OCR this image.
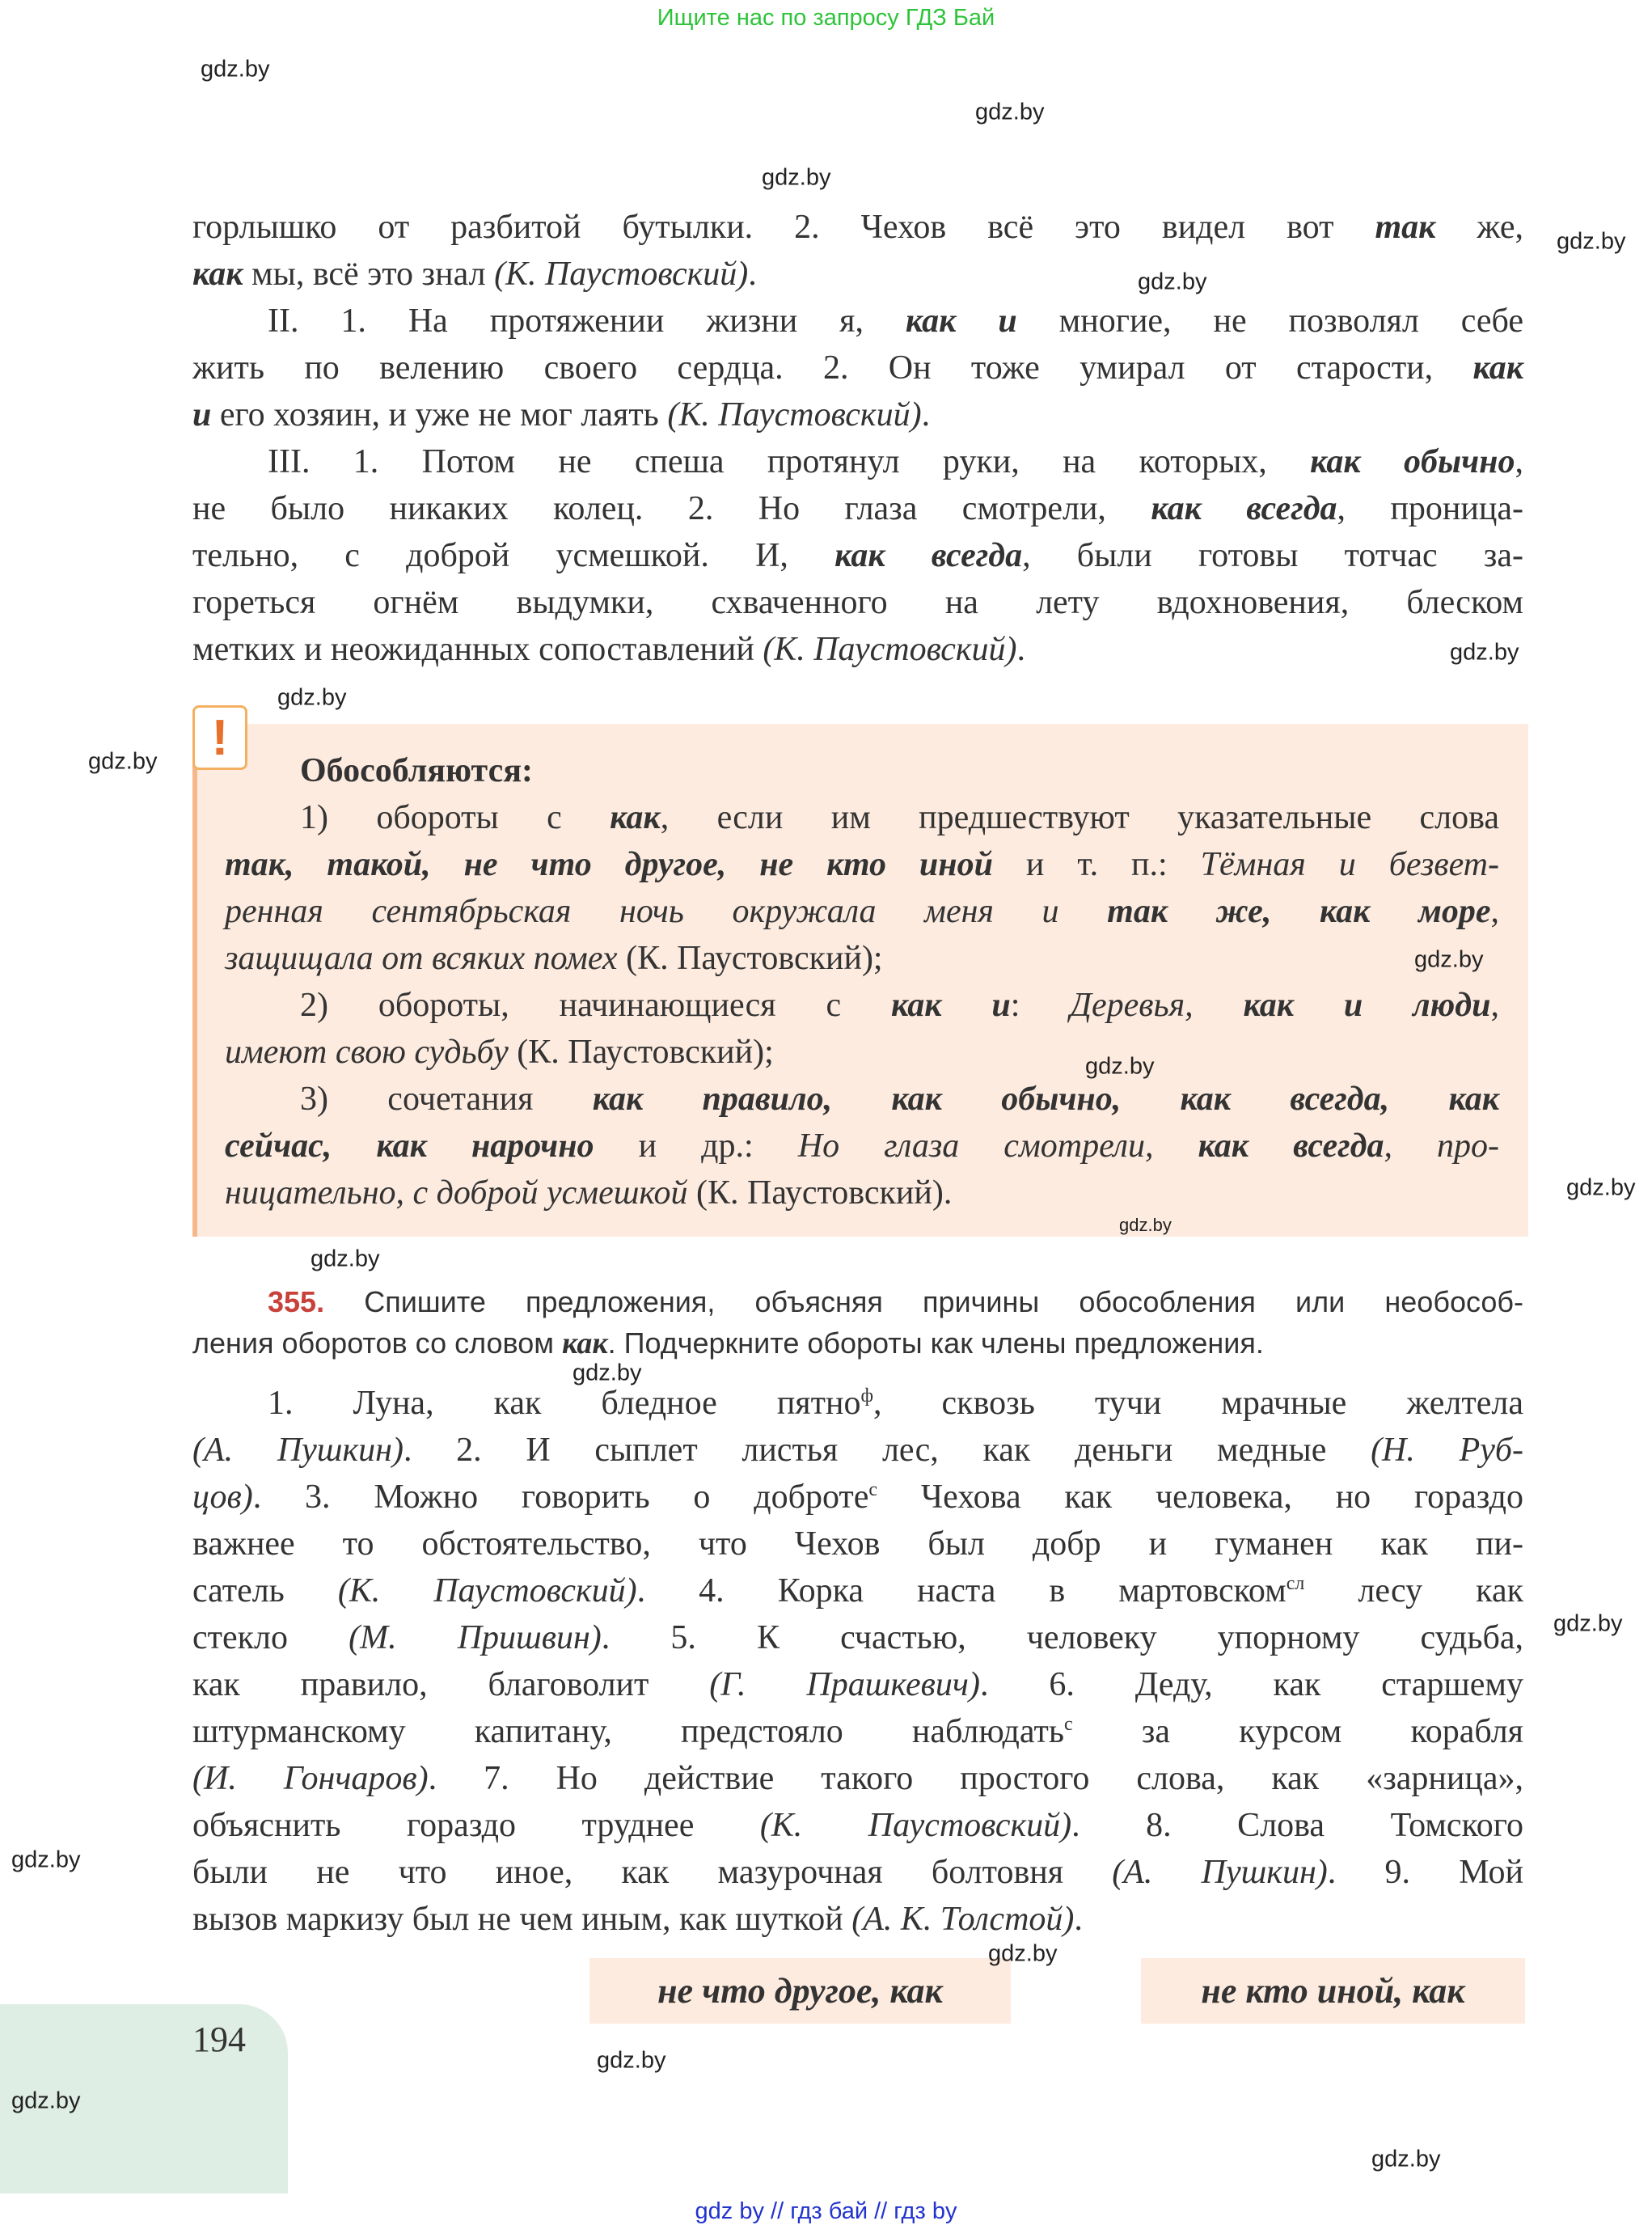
Ищите нас по запросу ГДЗ Бай
горлышко от разбитой бутылки. 2. Чехов всё это видел вот так же,
как мы, всё это знал (К. Паустовский).
II. 1. На протяжении жизни я, как и многие, не позволял себе
жить по велению своего сердца. 2. Он тоже умирал от старости, как
и его хозяин, и уже не мог лаять (К. Паустовский).
III. 1. Потом не спеша протянул руки, на которых, как обычно,
не было никаких колец. 2. Но глаза смотрели, как всегда, проница-
тельно, с доброй усмешкой. И, как всегда, были готовы тотчас за-
гореться огнём выдумки, схваченного на лету вдохновения, блеском
метких и неожиданных сопоставлений (К. Паустовский).
!
Обособляются:
1) обороты с как, если им предшествуют указательные слова
так, такой, не что другое, не кто иной и т. п.: Тёмная и безвет-
ренная сентябрьская ночь окружала меня и так же, как море,
защищала от всяких помех (К. Паустовский);
2) обороты, начинающиеся с как и: Деревья, как и люди,
имеют свою судьбу (К. Паустовский);
3) сочетания как правило, как обычно, как всегда, как
сейчас, как нарочно и др.: Но глаза смотрели, как всегда, про-
ницательно, с доброй усмешкой (К. Паустовский).
355. Спишите предложения, объясняя причины обособления или необособ-
ления оборотов со словом как. Подчеркните обороты как члены предложения.
1. Луна, как бледное пятно$^ф$, сквозь тучи мрачные желтела
(А. Пушкин). 2. И сыплет листья лес, как деньги медные (Н. Руб-
цов). 3. Можно говорить о доброте$^с$ Чехова как человека, но гораздо
важнее то обстоятельство, что Чехов был добр и гуманен как пи-
сатель (К. Паустовский). 4. Корка наста в мартовском$^{сл}$ лесу как
стекло (М. Пришвин). 5. К счастью, человеку упорному судьба,
как правило, благоволит (Г. Прашкевич). 6. Деду, как старшему
штурманскому капитану, предстояло наблюдать$^с$ за курсом корабля
(И. Гончаров). 7. Но действие такого простого слова, как «зарница»,
объяснить гораздо труднее (К. Паустовский). 8. Слова Томского
были не что иное, как мазурочная болтовня (А. Пушкин). 9. Мой
вызов маркизу был не чем иным, как шуткой (А. К. Толстой).
не что другое, как	не кто иной, как
194
gdz.by
gdz.by
gdz.by
gdz.by
gdz.by
gdz.by
gdz.by
gdz.by
gdz.by
gdz.by
gdz.by
gdz.by
gdz.by
gdz.by
gdz.by
gdz.by
gdz.by
gdz.by
gdz.by
gdz.by
gdz by // гдз бай // гдз by
